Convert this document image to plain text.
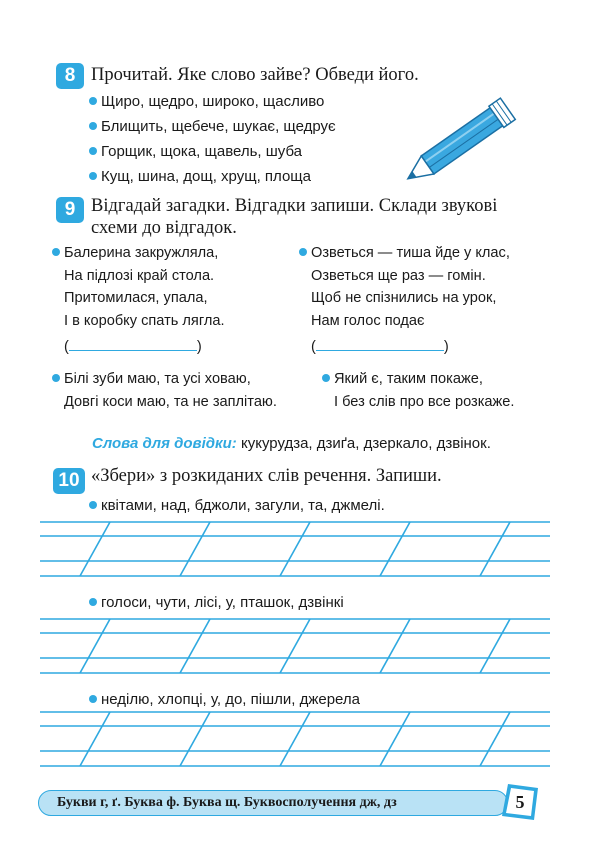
8 Прочитай. Яке слово зайве? Обведи його.
Щиро, щедро, широко, щасливо
Блищить, щебече, шукає, щедрує
Горщик, щока, щавель, шуба
Кущ, шина, дощ, хрущ, площа
9 Відгадай загадки. Відгадки запиши. Склади звукові
схеми до відгадок.
Балерина закружляла,
На підлозі край стола.
Притомилася, упала,
І в коробку спать лягла.
(	)
Озветься — тиша йде у клас,
Озветься ще раз — гомін.
Щоб не спізнились на урок,
Нам голос подає
(	)
Білі зуби маю, та усі ховаю,
Довгі коси маю, та не заплітаю.
Який є, таким покаже,
І без слів про все розкаже.
Слова для довідки: кукурудза, дзиґа, дзеркало, дзвінок.
10 «Збери» з розкиданих слів речення. Запиши.
квітами, над, бджоли, загули, та, джмелі.
голоси, чути, лісі, у, пташок, дзвінкі
неділю, хлопці, у, до, пішли, джерела
Букви г, ґ. Буква ф. Буква щ. Буквосполучення дж, дз	5
